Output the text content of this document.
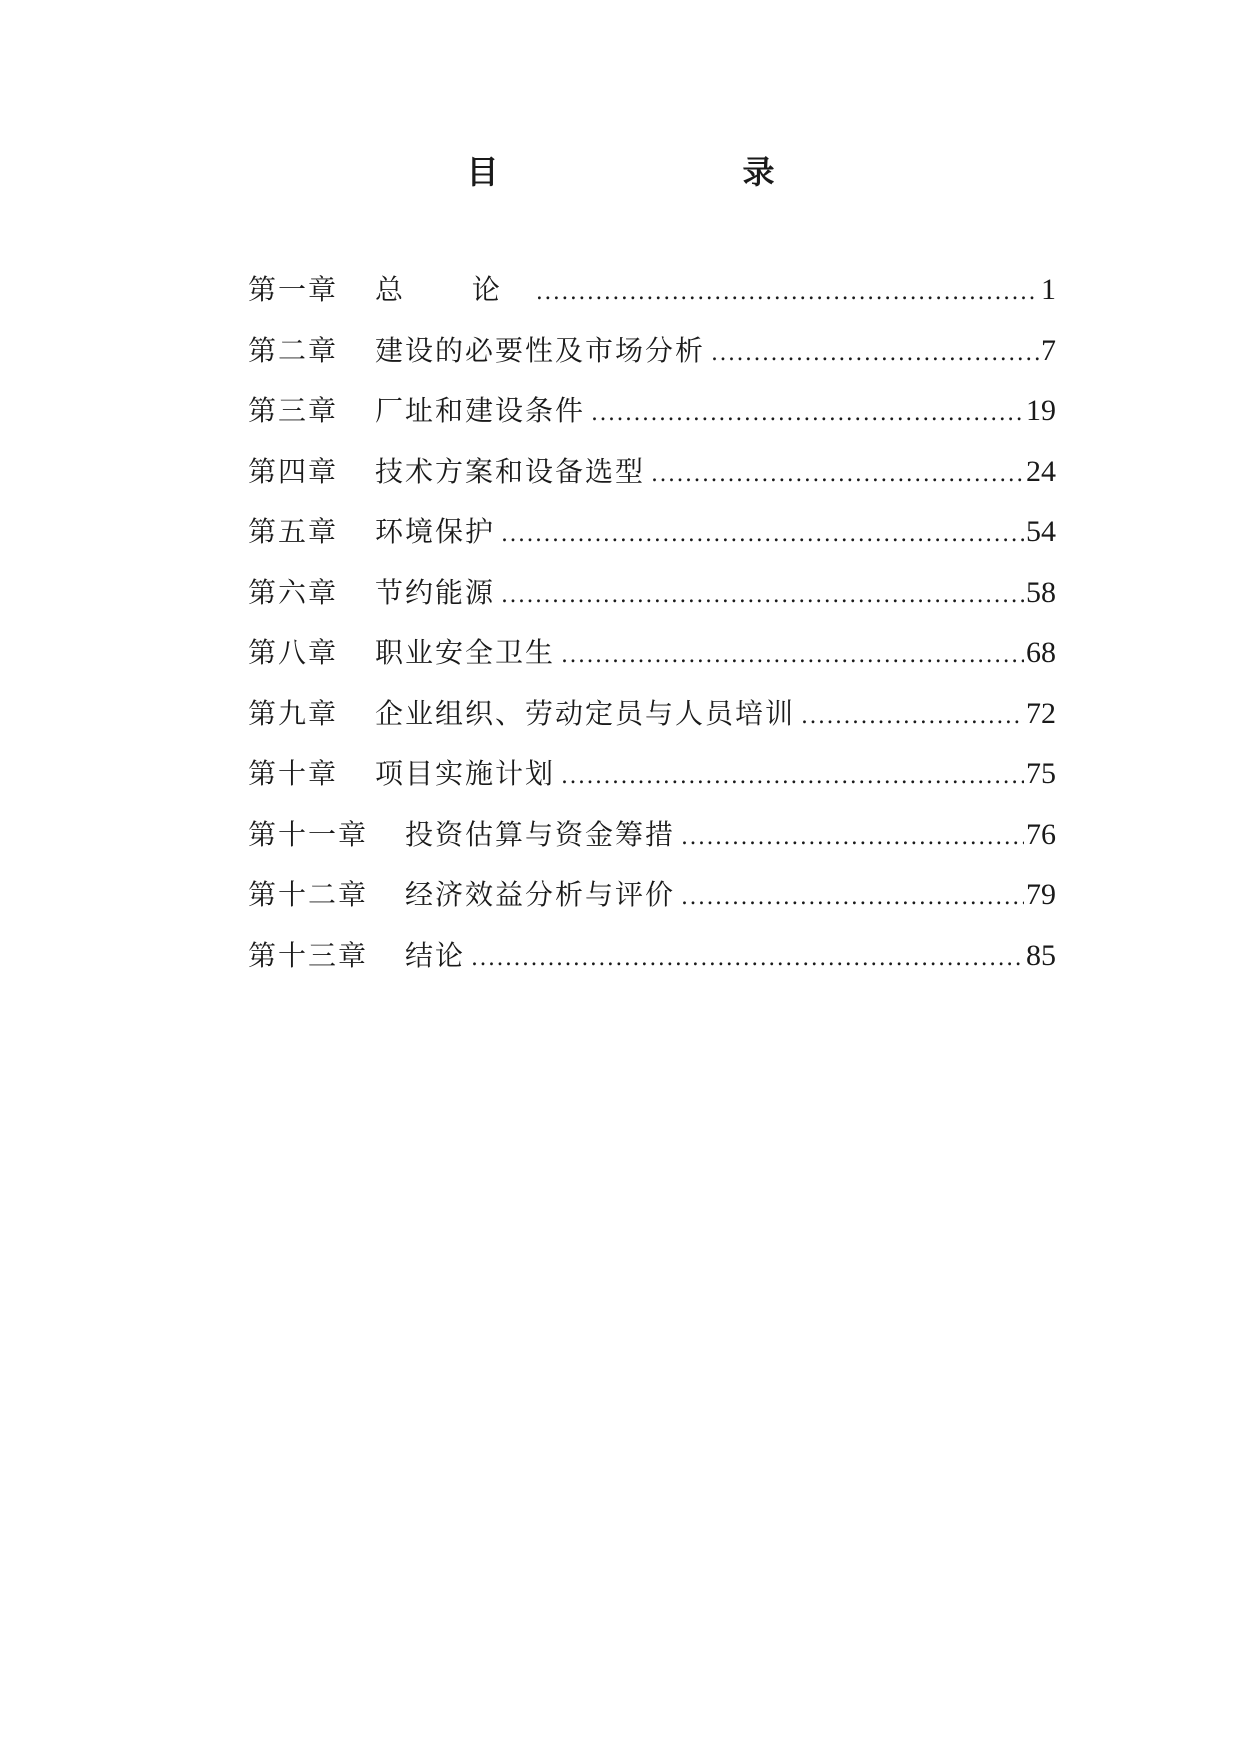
目　　录
第一章	总 论 .....	1
第二章	建设的必要性及市场分析 .....	7
第三章	厂址和建设条件 .....	19
第四章	技术方案和设备选型 .....	24
第五章	环境保护 .....	54
第六章	节约能源 .....	58
第八章	职业安全卫生 .....	68
第九章	企业组织、劳动定员与人员培训 .....	72
第十章	项目实施计划 .....	75
第十一章	投资估算与资金筹措 .....	76
第十二章	经济效益分析与评价 .....	79
第十三章	结论 .....	85
